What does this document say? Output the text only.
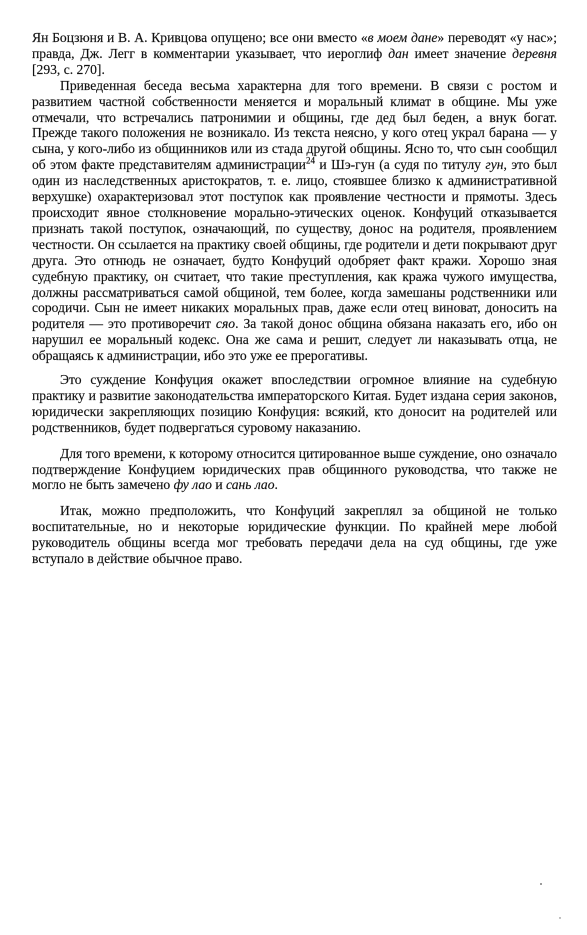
Ян Боцзюня и В. А. Кривцова опущено; все они вместо «в моем дане» переводят «у нас»; правда, Дж. Легг в комментарии указывает, что иероглиф дан имеет значение деревня [293, с. 270].

Приведенная беседа весьма характерна для того времени. В связи с ростом и развитием частной собственности меняется и моральный климат в общине. Мы уже отмечали, что встречались патронимии и общины, где дед был беден, а внук богат. Прежде такого положения не возникало. Из текста неясно, у кого отец украл барана — у сына, у кого-либо из общинников или из стада другой общины. Ясно то, что сын сообщил об этом факте представителям администрации$^{24}$ и Шэ-гун (а судя по титулу гун, это был один из наследственных аристократов, т. е. лицо, стоявшее близко к административной верхушке) охарактеризовал этот поступок как проявление честности и прямоты. Здесь происходит явное столкновение морально-этических оценок. Конфуций отказывается признать такой поступок, означающий, по существу, донос на родителя, проявлением честности. Он ссылается на практику своей общины, где родители и дети покрывают друг друга. Это отнюдь не означает, будто Конфуций одобряет факт кражи. Хорошо зная судебную практику, он считает, что такие преступления, как кража чужого имущества, должны рассматриваться самой общиной, тем более, когда замешаны родственники или сородичи. Сын не имеет никаких моральных прав, даже если отец виноват, доносить на родителя — это противоречит сяо. За такой донос община обязана наказать его, ибо он нарушил ее моральный кодекс. Она же сама и решит, следует ли наказывать отца, не обращаясь к администрации, ибо это уже ее прерогативы.

Это суждение Конфуция окажет впоследствии огромное влияние на судебную практику и развитие законодательства императорского Китая. Будет издана серия законов, юридически закрепляющих позицию Конфуция: всякий, кто доносит на родителей или родственников, будет подвергаться суровому наказанию.

Для того времени, к которому относится цитированное выше суждение, оно означало подтверждение Конфуцием юридических прав общинного руководства, что также не могло не быть замечено фу лао и сань лао.

Итак, можно предположить, что Конфуций закреплял за общиной не только воспитательные, но и некоторые юридические функции. По крайней мере любой руководитель общины всегда мог требовать передачи дела на суд общины, где уже вступало в действие обычное право.
